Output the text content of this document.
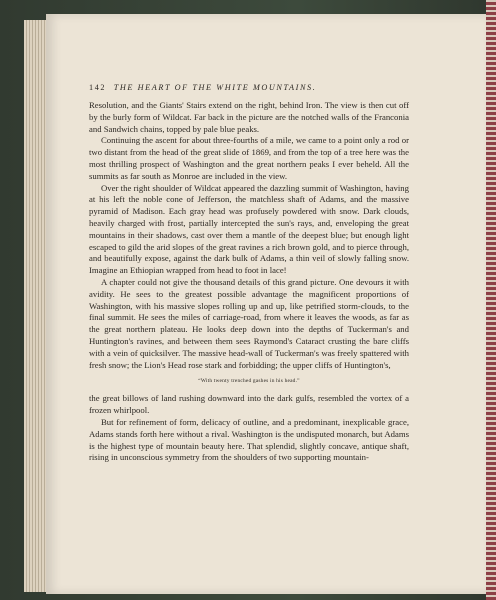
142 THE HEART OF THE WHITE MOUNTAINS.

Resolution, and the Giants' Stairs extend on the right, behind Iron. The view is then cut off by the burly form of Wildcat. Far back in the picture are the notched walls of the Franconia and Sandwich chains, topped by pale blue peaks.

Continuing the ascent for about three-fourths of a mile, we came to a point only a rod or two distant from the head of the great slide of 1869, and from the top of a tree here was the most thrilling prospect of Washington and the great northern peaks I ever beheld. All the summits as far south as Monroe are included in the view.

Over the right shoulder of Wildcat appeared the dazzling summit of Washington, having at his left the noble cone of Jefferson, the matchless shaft of Adams, and the massive pyramid of Madison. Each gray head was profusely powdered with snow. Dark clouds, heavily charged with frost, partially intercepted the sun's rays, and, enveloping the great mountains in their shadows, cast over them a mantle of the deepest blue; but enough light escaped to gild the arid slopes of the great ravines a rich brown gold, and to pierce through, and beautifully expose, against the dark bulk of Adams, a thin veil of slowly falling snow. Imagine an Ethiopian wrapped from head to foot in lace!

A chapter could not give the thousand details of this grand picture. One devours it with avidity. He sees to the greatest possible advantage the magnificent proportions of Washington, with his massive slopes rolling up and up, like petrified storm-clouds, to the final summit. He sees the miles of carriage-road, from where it leaves the woods, as far as the great northern plateau. He looks deep down into the depths of Tuckerman's and Huntington's ravines, and between them sees Raymond's Cataract crusting the bare cliffs with a vein of quicksilver. The massive head-wall of Tuckerman's was freely spattered with fresh snow; the Lion's Head rose stark and forbidding; the upper cliffs of Huntington's,

“With twenty trenched gashes in his head.”

the great billows of land rushing downward into the dark gulfs, resembled the vortex of a frozen whirlpool.

But for refinement of form, delicacy of outline, and a predominant, inexplicable grace, Adams stands forth here without a rival. Washington is the undisputed monarch, but Adams is the highest type of mountain beauty here. That splendid, slightly concave, antique shaft, rising in unconscious symmetry from the shoulders of two supporting mountain-
